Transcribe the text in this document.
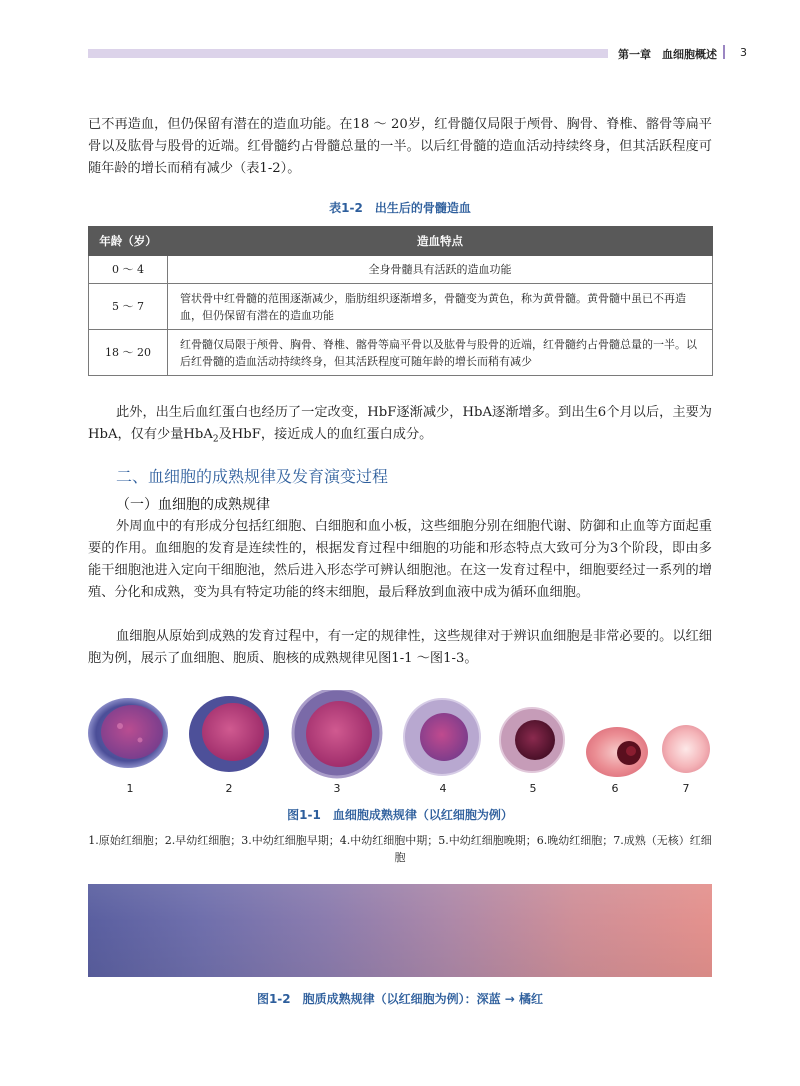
第一章　血细胞概述 3

已不再造血，但仍保留有潜在的造血功能。在18 ～ 20岁，红骨髓仅局限于颅骨、胸骨、脊椎、髂骨等扁平骨以及肱骨与股骨的近端。红骨髓约占骨髓总量的一半。以后红骨髓的造血活动持续终身，但其活跃程度可随年龄的增长而稍有减少（表1-2）。

表1-2　出生后的骨髓造血
年龄（岁）	造血特点
0 ～ 4	全身骨髓具有活跃的造血功能
5 ～ 7	管状骨中红骨髓的范围逐渐减少，脂肪组织逐渐增多，骨髓变为黄色，称为黄骨髓。黄骨髓中虽已不再造血，但仍保留有潜在的造血功能
18 ～ 20	红骨髓仅局限于颅骨、胸骨、脊椎、髂骨等扁平骨以及肱骨与股骨的近端，红骨髓约占骨髓总量的一半。以后红骨髓的造血活动持续终身，但其活跃程度可随年龄的增长而稍有减少

此外，出生后血红蛋白也经历了一定改变，HbF逐渐减少，HbA逐渐增多。到出生6个月以后，主要为HbA，仅有少量HbA$_2$及HbF，接近成人的血红蛋白成分。

二、血细胞的成熟规律及发育演变过程
（一）血细胞的成熟规律

外周血中的有形成分包括红细胞、白细胞和血小板，这些细胞分别在细胞代谢、防御和止血等方面起重要的作用。血细胞的发育是连续性的，根据发育过程中细胞的功能和形态特点大致可分为3个阶段，即由多能干细胞池进入定向干细胞池，然后进入形态学可辨认细胞池。在这一发育过程中，细胞要经过一系列的增殖、分化和成熟，变为具有特定功能的终末细胞，最后释放到血液中成为循环血细胞。

血细胞从原始到成熟的发育过程中，有一定的规律性，这些规律对于辨识血细胞是非常必要的。以红细胞为例，展示了血细胞、胞质、胞核的成熟规律见图1-1 ～图1-3。

1	2	3	4	5	6	7
图1-1　血细胞成熟规律（以红细胞为例）
1.原始红细胞；2.早幼红细胞；3.中幼红细胞早期；4.中幼红细胞中期；5.中幼红细胞晚期；6.晚幼红细胞；7.成熟（无核）红细胞
图1-2　胞质成熟规律（以红细胞为例）：深蓝 → 橘红
